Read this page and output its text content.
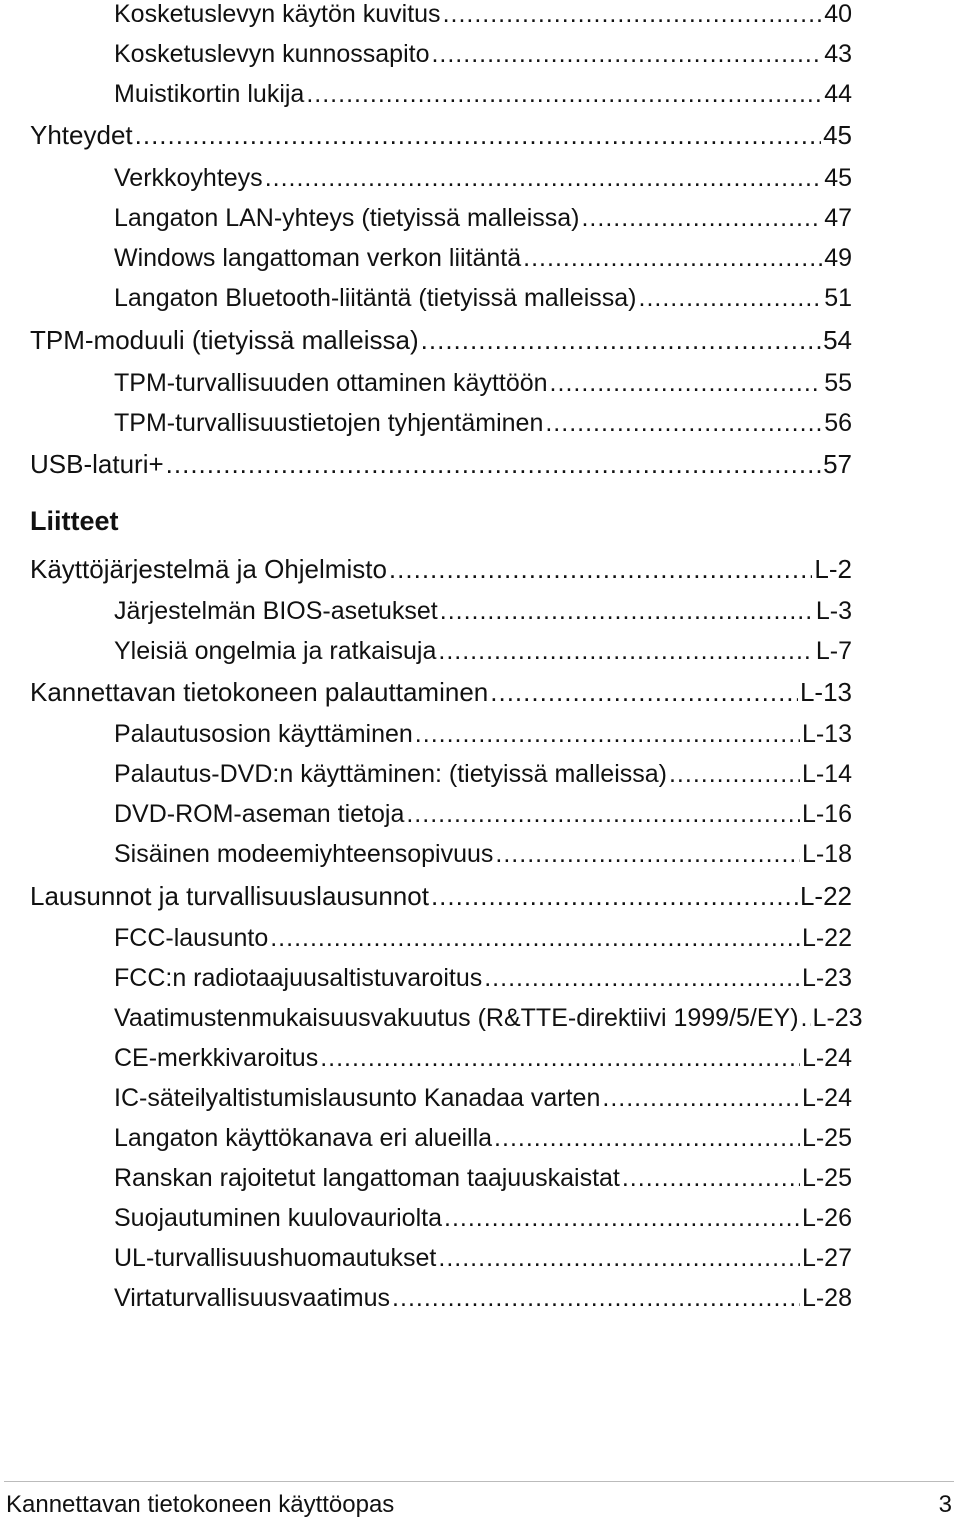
Kosketuslevyn käytön kuvitus .....	40
Kosketuslevyn kunnossapito .....	43
Muistikortin lukija .....	44
Yhteydet .....	45
Verkkoyhteys .....	45
Langaton LAN-yhteys (tietyissä malleissa) .....	47
Windows langattoman verkon liitäntä .....	49
Langaton Bluetooth-liitäntä (tietyissä malleissa) .....	51
TPM-moduuli (tietyissä malleissa) .....	54
TPM-turvallisuuden ottaminen käyttöön .....	55
TPM-turvallisuustietojen tyhjentäminen .....	56
USB-laturi+ .....	57
Liitteet
Käyttöjärjestelmä ja Ohjelmisto .....	L-2
Järjestelmän BIOS-asetukset .....	L-3
Yleisiä ongelmia ja ratkaisuja .....	L-7
Kannettavan tietokoneen palauttaminen .....	L-13
Palautusosion käyttäminen .....	L-13
Palautus-DVD:n käyttäminen: (tietyissä malleissa) .....	L-14
DVD-ROM-aseman tietoja .....	L-16
Sisäinen modeemiyhteensopivuus .....	L-18
Lausunnot ja turvallisuuslausunnot .....	L-22
FCC-lausunto .....	L-22
FCC:n radiotaajuusaltistuvaroitus .....	L-23
Vaatimustenmukaisuusvakuutus (R&TTE-direktiivi 1999/5/EY) ..... L-23
CE-merkkivaroitus .....	L-24
IC-säteilyaltistumislausunto Kanadaa varten .....	L-24
Langaton käyttökanava eri alueilla .....	L-25
Ranskan rajoitetut langattoman taajuuskaistat .....	L-25
Suojautuminen kuulovauriolta .....	L-26
UL-turvallisuushuomautukset .....	L-27
Virtaturvallisuusvaatimus .....	L-28
Kannettavan tietokoneen käyttöopas	3
